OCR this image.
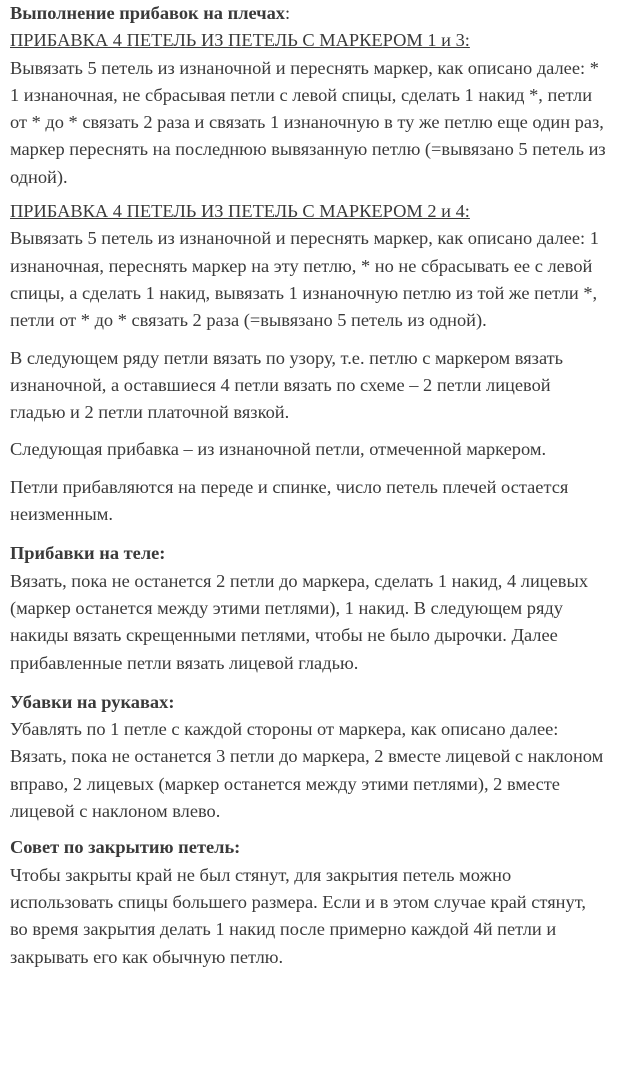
Выполнение прибавок на плечах:

ПРИБАВКА 4 ПЕТЕЛЬ ИЗ ПЕТЕЛЬ С МАРКЕРОМ 1 и 3:

Вывязать 5 петель из изнаночной и переснять маркер, как описано далее: * 1 изнаночная, не сбрасывая петли с левой спицы, сделать 1 накид *, петли от * до * связать 2 раза и связать 1 изнаночную в ту же петлю еще один раз, маркер переснять на последнюю вывязанную петлю (=вывязано 5 петель из одной).

ПРИБАВКА 4 ПЕТЕЛЬ ИЗ ПЕТЕЛЬ С МАРКЕРОМ 2 и 4:

Вывязать 5 петель из изнаночной и переснять маркер, как описано далее: 1 изнаночная, переснять маркер на эту петлю, * но не сбрасывать ее с левой спицы, а сделать 1 накид, вывязать 1 изнаночную петлю из той же петли *, петли от * до * связать 2 раза (=вывязано 5 петель из одной).

В следующем ряду петли вязать по узору, т.е. петлю с маркером вязать изнаночной, а оставшиеся 4 петли вязать по схеме – 2 петли лицевой гладью и 2 петли платочной вязкой.

Следующая прибавка – из изнаночной петли, отмеченной маркером.

Петли прибавляются на переде и спинке, число петель плечей остается неизменным.

Прибавки на теле:

Вязать, пока не останется 2 петли до маркера, сделать 1 накид, 4 лицевых (маркер останется между этими петлями), 1 накид. В следующем ряду накиды вязать скрещенными петлями, чтобы не было дырочки. Далее прибавленные петли вязать лицевой гладью.

Убавки на рукавах:

Убавлять по 1 петле с каждой стороны от маркера, как описано далее: Вязать, пока не останется 3 петли до маркера, 2 вместе лицевой с наклоном вправо, 2 лицевых (маркер останется между этими петлями), 2 вместе лицевой с наклоном влево.

Совет по закрытию петель:

Чтобы закрыты край не был стянут, для закрытия петель можно использовать спицы большего размера. Если и в этом случае край стянут, во время закрытия делать 1 накид после примерно каждой 4й петли и закрывать его как обычную петлю.
